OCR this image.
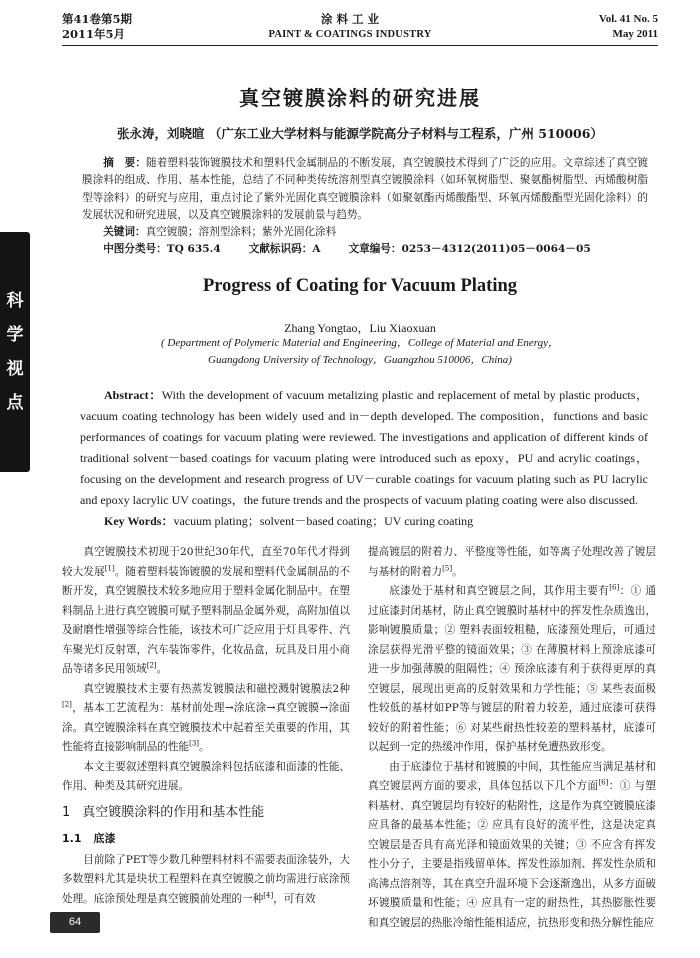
第41卷第5期
2011年5月
涂 料 工 业
PAINT & COATINGS INDUSTRY
Vol. 41 No. 5
May 2011
科
学
视
点
真空镀膜涂料的研究进展
张永涛，刘晓暄 （广东工业大学材料与能源学院高分子材料与工程系，广州 510006）

  摘　要：随着塑料装饰镀膜技术和塑料代金属制品的不断发展，真空镀膜技术得到了广泛的应用。文章综述了真空镀膜涂料的组成、作用、基本性能，总结了不同种类传统溶剂型真空镀膜涂料（如环氧树脂型、聚氨酯树脂型、丙烯酸树脂型等涂料）的研究与应用，重点讨论了紫外光固化真空镀膜涂料（如聚氨酯丙烯酸酯型、环氧丙烯酸酯型光固化涂料）的发展状况和研究进展，以及真空镀膜涂料的发展前景与趋势。

  关键词：真空镀膜；溶剂型涂料；紫外光固化涂料

  中图分类号：TQ 635.4	文献标识码：A	文章编号：0253－4312(2011)05－0064－05

Progress of Coating for Vacuum Plating
Zhang Yongtao，Liu Xiaoxuan
( Department of Polymeric Material and Engineering，College of Material and Energy，
Guangdong University of Technology，Guangzhou 510006，China)

  Abstract：With the development of vacuum metalizing plastic and replacement of metal by plastic products，vacuum coating technology has been widely used and in－depth developed. The composition，functions and basic performances of coatings for vacuum plating were reviewed. The investigations and application of different kinds of traditional solvent－based coatings for vacuum plating were introduced such as epoxy，PU and acrylic coatings，focusing on the development and research progress of UV－curable coatings for vacuum plating such as PU lacrylic and epoxy lacrylic UV coatings，the future trends and the prospects of vacuum plating coating were also discussed.

  Key Words：vacuum plating；solvent－based coating；UV curing coating

真空镀膜技术初现于20世纪30年代，直至70年代才得到较大发展[1]。随着塑料装饰镀膜的发展和塑料代金属制品的不断开发，真空镀膜技术较多地应用于塑料金属化制品中。在塑料制品上进行真空镀膜可赋予塑料制品金属外观，高附加值以及耐磨性增强等综合性能，该技术可广泛应用于灯具零件、汽车聚光灯反射罩，汽车装饰零件，化妆品盒，玩具及日用小商品等诸多民用领域[2]。

真空镀膜技术主要有热蒸发镀膜法和磁控溅射镀膜法2种[2]，基本工艺流程为：基材前处理→涂底涂→真空镀膜→涂面涂。真空镀膜涂料在真空镀膜技术中起着至关重要的作用，其性能将直接影响制品的性能[3]。

本文主要叙述塑料真空镀膜涂料包括底漆和面漆的性能、作用、种类及其研究进展。

1 真空镀膜涂料的作用和基本性能
1.1 底漆

目前除了PET等少数几种塑料材料不需要表面涂装外，大多数塑料尤其是块状工程塑料在真空镀膜之前均需进行底涂预处理。底涂预处理是真空镀膜前处理的一种[4]，可有效

提高镀层的附着力、平整度等性能，如等离子处理改善了镀层与基材的附着力[5]。

底漆处于基材和真空镀层之间，其作用主要有[6]：① 通过底漆封闭基材，防止真空镀膜时基材中的挥发性杂质逸出，影响镀膜质量；② 塑料表面较粗糙，底漆预处理后，可通过涂层获得光滑平整的镜面效果；③ 在薄膜材料上预涂底漆可进一步加强薄膜的阻隔性；④ 预涂底漆有利于获得更厚的真空镀层，展现出更高的反射效果和力学性能；⑤ 某些表面极性较低的基材如PP等与镀层的附着力较差，通过底漆可获得较好的附着性能；⑥ 对某些耐热性较差的塑料基材，底漆可以起到一定的热缓冲作用，保护基材免遭热致形变。

由于底漆位于基材和镀膜的中间，其性能应当满足基材和真空镀层两方面的要求，具体包括以下几个方面[6]：① 与塑料基材、真空镀层均有较好的粘附性，这是作为真空镀膜底漆应具备的最基本性能；② 应具有良好的流平性，这是决定真空镀层是否具有高光泽和镜面效果的关键；③ 不应含有挥发性小分子，主要是指残留单体、挥发性添加剂、挥发性杂质和高沸点溶剂等，其在真空升温环境下会逐渐逸出，从多方面破坏镀膜质量和性能；④ 应具有一定的耐热性，其热膨胀性要和真空镀层的热胀冷缩性能相适应，抗热形变和热分解性能应

64
